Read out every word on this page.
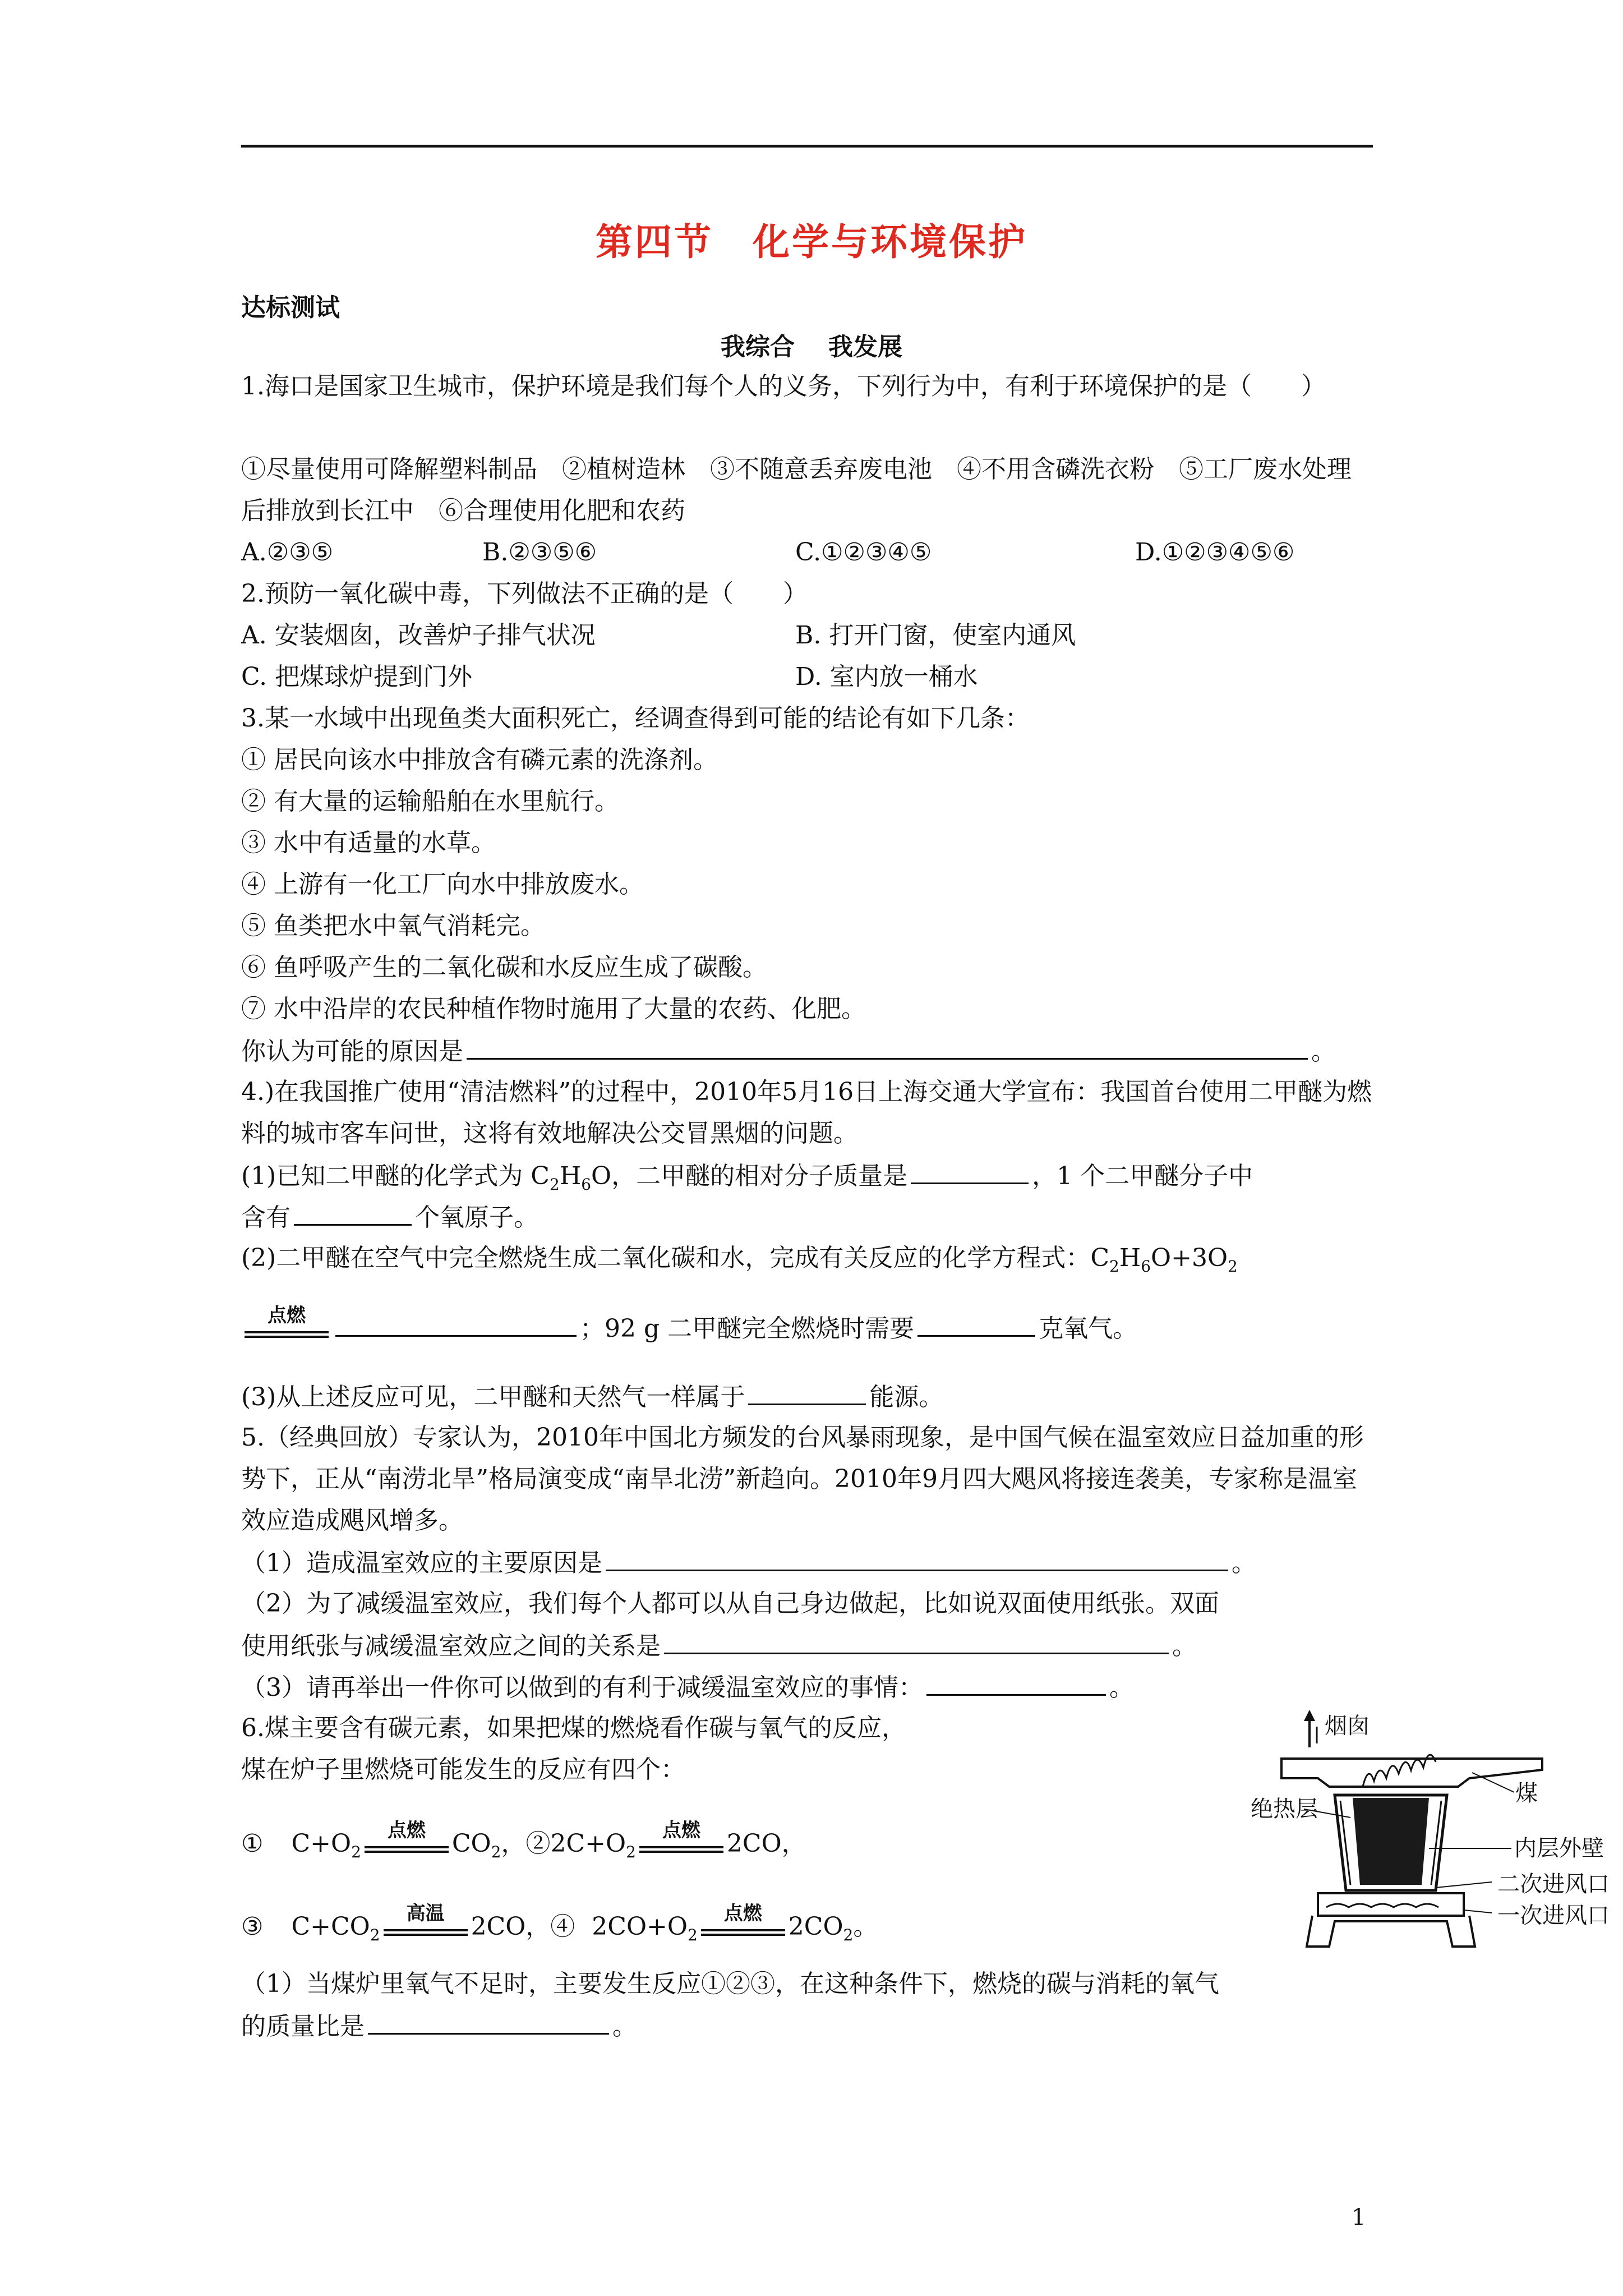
第四节 化学与环境保护
达标测试
我综合 我发展
1.海口是国家卫生城市，保护环境是我们每个人的义务，下列行为中，有利于环境保护的是（　　）
①尽量使用可降解塑料制品　②植树造林　③不随意丢弃废电池　④不用含磷洗衣粉　⑤工厂废水处理后排放到长江中　⑥合理使用化肥和农药
A.②③⑤	B.②③⑤⑥	C.①②③④⑤	D.①②③④⑤⑥
2.预防一氧化碳中毒，下列做法不正确的是（　　）
A. 安装烟囱，改善炉子排气状况	B. 打开门窗，使室内通风
C. 把煤球炉提到门外	D. 室内放一桶水
3.某一水域中出现鱼类大面积死亡，经调查得到可能的结论有如下几条：
① 居民向该水中排放含有磷元素的洗涤剂。
② 有大量的运输船舶在水里航行。
③ 水中有适量的水草。
④ 上游有一化工厂向水中排放废水。
⑤ 鱼类把水中氧气消耗完。
⑥ 鱼呼吸产生的二氧化碳和水反应生成了碳酸。
⑦ 水中沿岸的农民种植作物时施用了大量的农药、化肥。
你认为可能的原因是	。
4.)在我国推广使用“清洁燃料”的过程中，2010年5月16日上海交通大学宣布：我国首台使用二甲醚为燃料的城市客车问世，这将有效地解决公交冒黑烟的问题。
(1)已知二甲醚的化学式为 $C_2H_6O$，二甲醚的相对分子质量是	，1 个二甲醚分子中
含有	个氧原子。
(2)二甲醚在空气中完全燃烧生成二氧化碳和水，完成有关反应的化学方程式：$C_2H_6O+3O_2$
点燃	；92 g 二甲醚完全燃烧时需要	克氧气。
(3)从上述反应可见，二甲醚和天然气一样属于	能源。
5.（经典回放）专家认为，2010年中国北方频发的台风暴雨现象，是中国气候在温室效应日益加重的形势下，正从“南涝北旱”格局演变成“南旱北涝”新趋向。2010年9月四大飓风将接连袭美，专家称是温室效应造成飓风增多。
（1）造成温室效应的主要原因是	。
（2）为了减缓温室效应，我们每个人都可以从自己身边做起，比如说双面使用纸张。双面
使用纸张与减缓温室效应之间的关系是	。
（3）请再举出一件你可以做到的有利于减缓温室效应的事情：	。
6.煤主要含有碳元素，如果把煤的燃烧看作碳与氧气的反应，
煤在炉子里燃烧可能发生的反应有四个：
① $C+O_2$
点燃	$CO_2$，$②2C+O_2$
点燃	2CO，
③ $C+CO_2$
高温	2CO，④ $2CO+O_2$
点燃	$2CO_2$。
（1）当煤炉里氧气不足时，主要发生反应①②③，在这种条件下，燃烧的碳与消耗的氧气
的质量比是	。
烟囱
煤
绝热层
内层外壁
二次进风口
一次进风口
1
